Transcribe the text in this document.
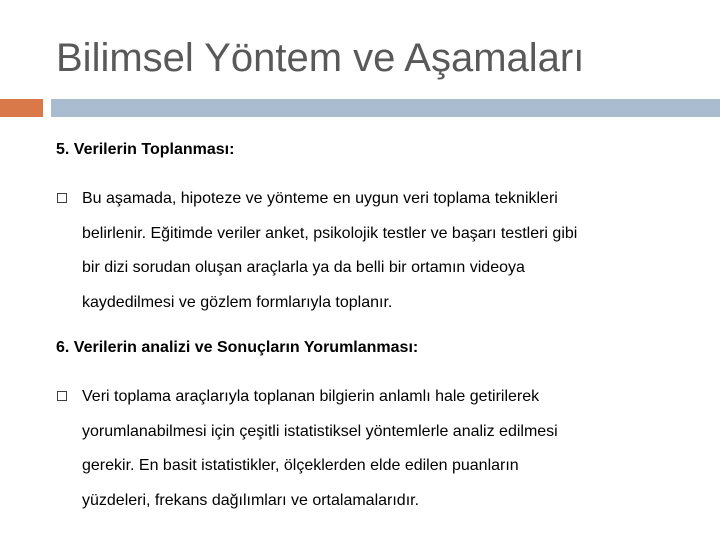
Bilimsel Yöntem ve Aşamaları
5. Verilerin Toplanması:
Bu aşamada, hipoteze ve yönteme en uygun veri toplama teknikleri
belirlenir. Eğitimde veriler anket, psikolojik testler ve başarı testleri gibi
bir dizi sorudan oluşan araçlarla ya da belli bir ortamın videoya
kaydedilmesi ve gözlem formlarıyla toplanır.
6. Verilerin analizi ve Sonuçların Yorumlanması:
Veri toplama araçlarıyla toplanan bilgierin anlamlı hale getirilerek
yorumlanabilmesi için çeşitli istatistiksel yöntemlerle analiz edilmesi
gerekir. En basit istatistikler, ölçeklerden elde edilen puanların
yüzdeleri, frekans dağılımları ve ortalamalarıdır.
